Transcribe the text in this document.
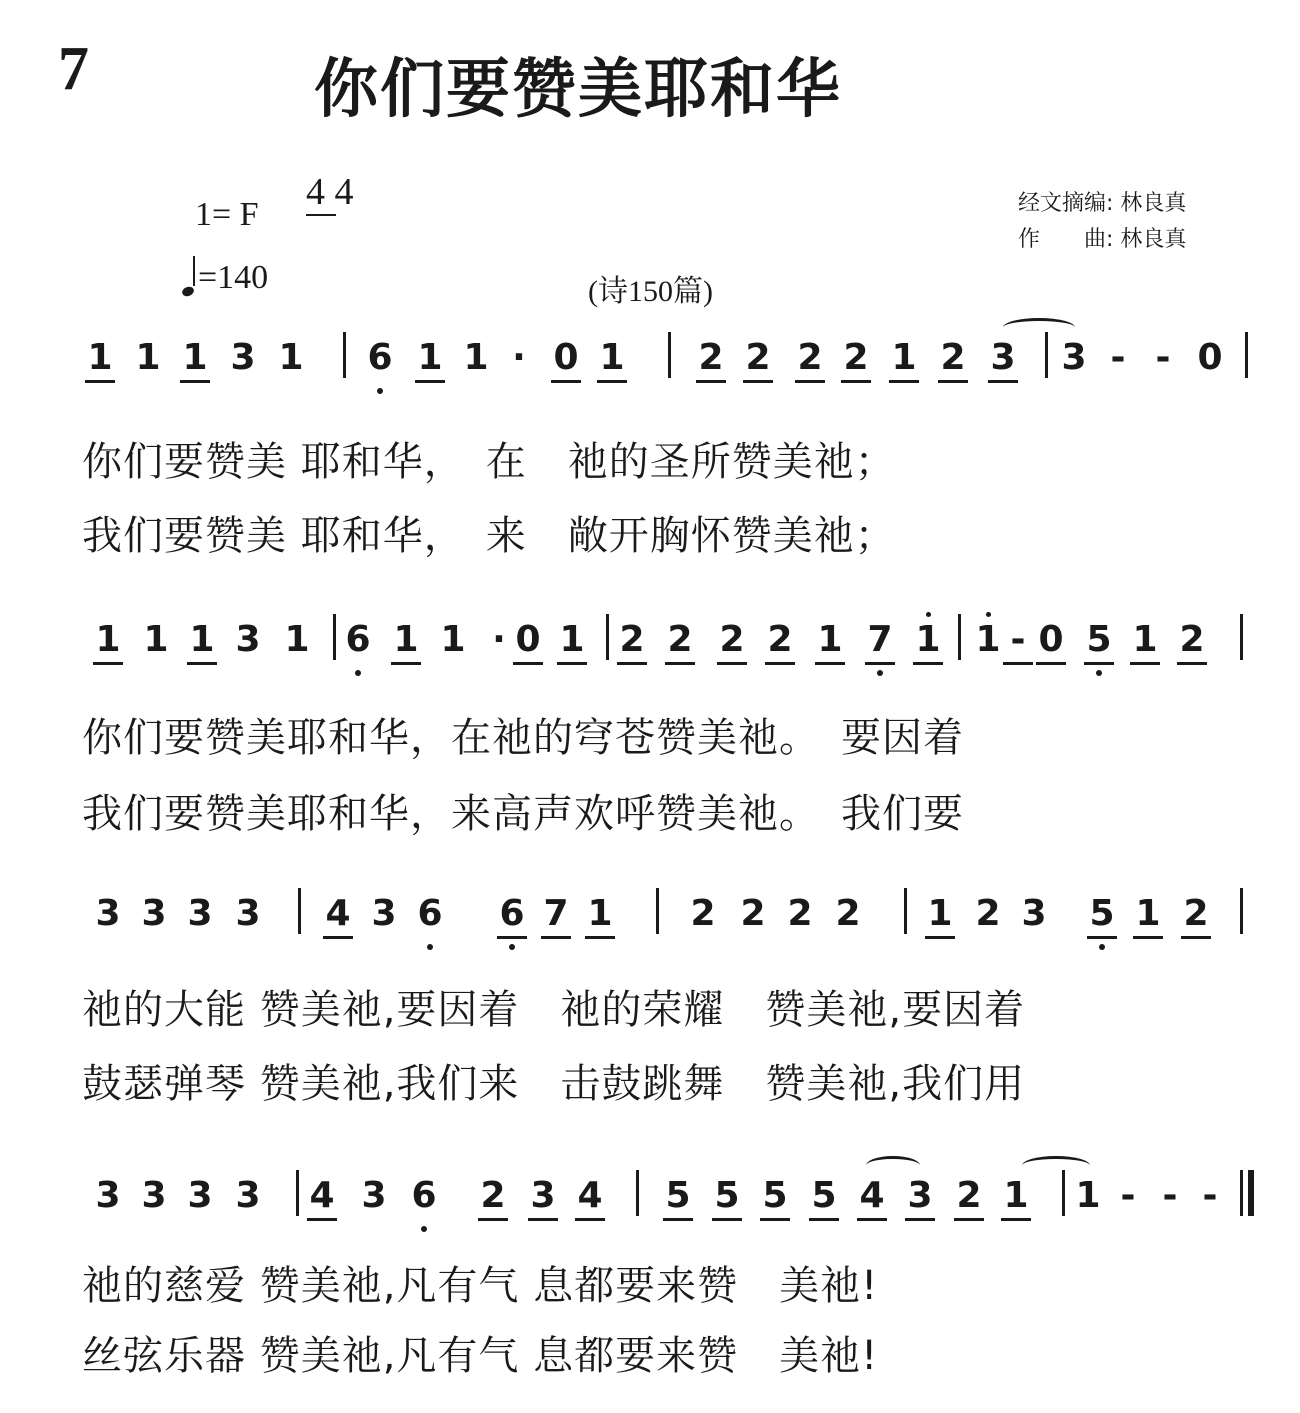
7	你们要赞美耶和华
1= F
4 4
=140	(诗150篇)
经文摘编: 林良真
作　　曲: 林良真
1 1 1 3 1 6 1 1 · 0 1 2 2 2 2 1 2 3 3 - - 0
你们要赞美 耶和华，　在　祂的圣所赞美祂；
我们要赞美 耶和华，　来　敞开胸怀赞美祂；
1 1 1 3 1 6 1 1 · 0 1 2 2 2 2 1 7 1 1 - 0 5 1 2
你们要赞美耶和华，在祂的穹苍赞美祂。　要因着
我们要赞美耶和华，来高声欢呼赞美祂。　我们要
3 3 3 3 4 3 6 6 7 1 2 2 2 2 1 2 3 5 1 2
祂的大能 赞美祂,要因着　祂的荣耀　赞美祂,要因着
鼓瑟弹琴 赞美祂,我们来　击鼓跳舞　赞美祂,我们用
3 3 3 3 4 3 6 2 3 4 5 5 5 5 4 3 2 1 1 - - -
祂的慈爱 赞美祂,凡有气 息都要来赞　美祂!
丝弦乐器 赞美祂,凡有气 息都要来赞　美祂!
